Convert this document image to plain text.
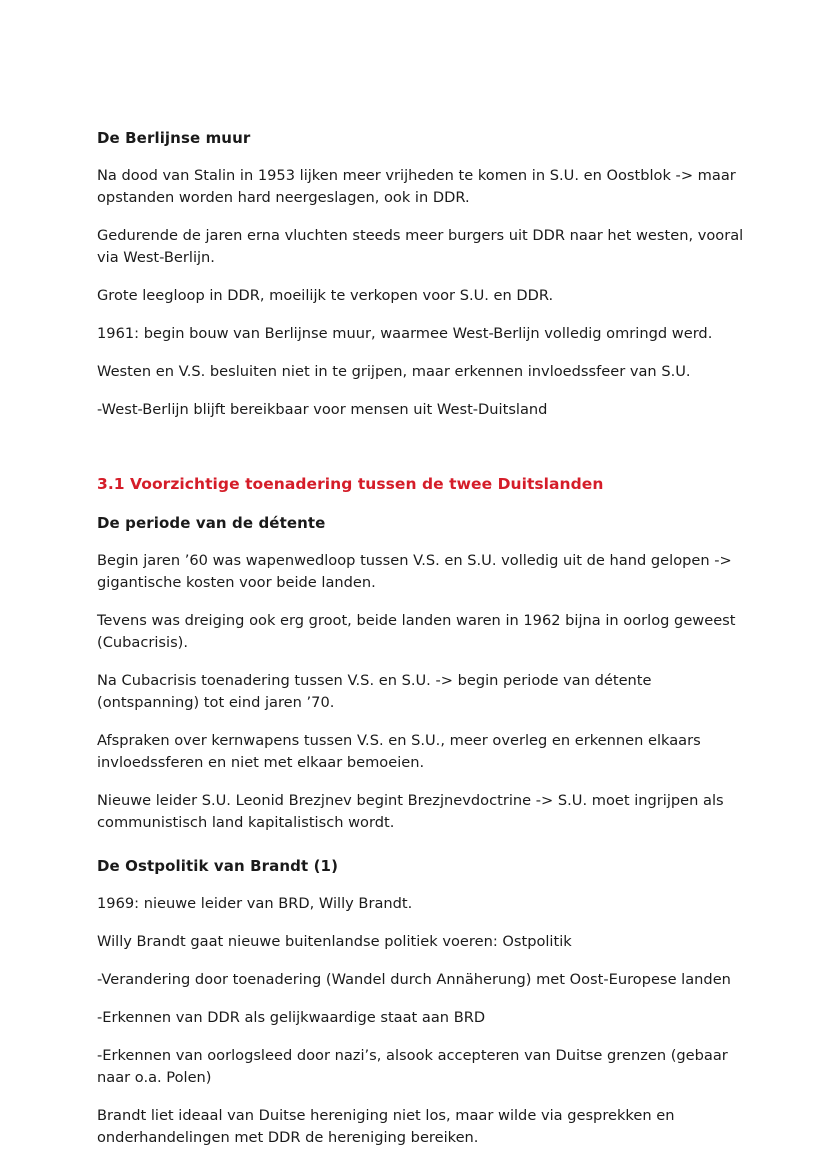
De Berlijnse muur

Na dood van Stalin in 1953 lijken meer vrijheden te komen in S.U. en Oostblok -> maar opstanden worden hard neergeslagen, ook in DDR.

Gedurende de jaren erna vluchten steeds meer burgers uit DDR naar het westen, vooral via West-Berlijn.

Grote leegloop in DDR, moeilijk te verkopen voor S.U. en DDR.

1961: begin bouw van Berlijnse muur, waarmee West-Berlijn volledig omringd werd.

Westen en V.S. besluiten niet in te grijpen, maar erkennen invloedssfeer van S.U.

-West-Berlijn blijft bereikbaar voor mensen uit West-Duitsland

3.1 Voorzichtige toenadering tussen de twee Duitslanden
De periode van de détente

Begin jaren ’60 was wapenwedloop tussen V.S. en S.U. volledig uit de hand gelopen -> gigantische kosten voor beide landen.

Tevens was dreiging ook erg groot, beide landen waren in 1962 bijna in oorlog geweest (Cubacrisis).

Na Cubacrisis toenadering tussen V.S. en S.U. -> begin periode van détente (ontspanning) tot eind jaren ’70.

Afspraken over kernwapens tussen V.S. en S.U., meer overleg en erkennen elkaars invloedssferen en niet met elkaar bemoeien.

Nieuwe leider S.U. Leonid Brezjnev begint Brezjnevdoctrine -> S.U. moet ingrijpen als communistisch land kapitalistisch wordt.

De Ostpolitik van Brandt (1)

1969: nieuwe leider van BRD, Willy Brandt.

Willy Brandt gaat nieuwe buitenlandse politiek voeren: Ostpolitik

-Verandering door toenadering (Wandel durch Annäherung) met Oost-Europese landen

-Erkennen van DDR als gelijkwaardige staat aan BRD

-Erkennen van oorlogsleed door nazi’s, alsook accepteren van Duitse grenzen (gebaar naar o.a. Polen)

Brandt liet ideaal van Duitse hereniging niet los, maar wilde via gesprekken en onderhandelingen met DDR de hereniging bereiken.
